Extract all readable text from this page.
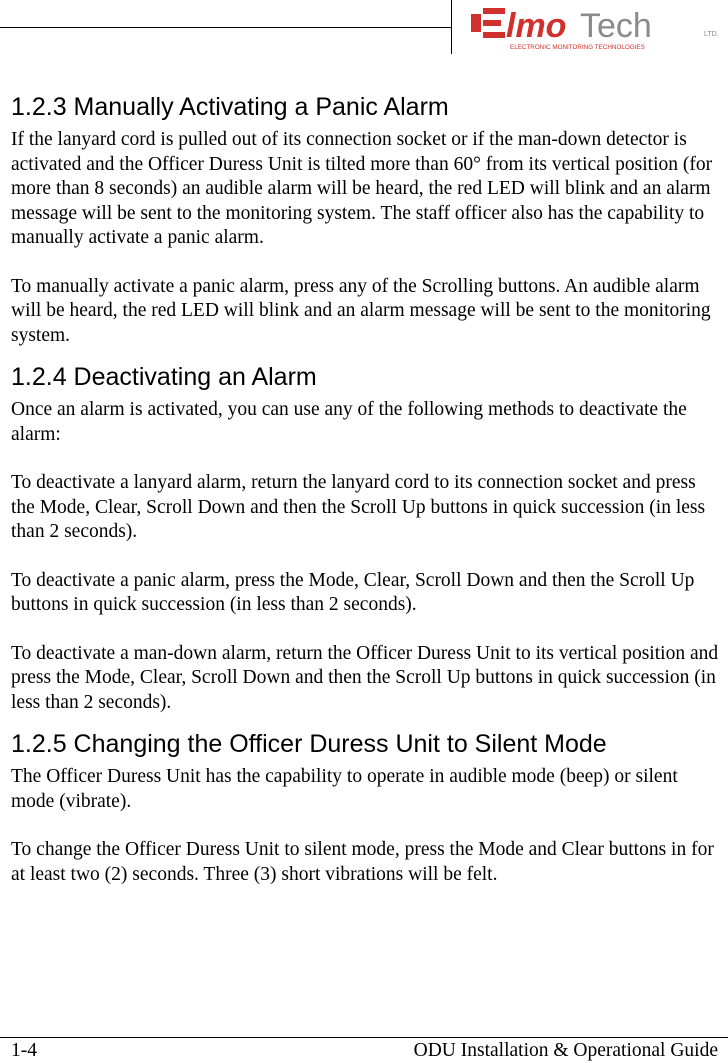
lmo Tech	LTD.
ELECTRONIC MONITORING TECHNOLOGIES
1.2.3 Manually Activating a Panic Alarm

If the lanyard cord is pulled out of its connection socket or if the man-down detector is activated and the Officer Duress Unit is tilted more than 60° from its vertical position (for more than 8 seconds) an audible alarm will be heard, the red LED will blink and an alarm message will be sent to the monitoring system. The staff officer also has the capability to manually activate a panic alarm.

To manually activate a panic alarm, press any of the Scrolling buttons. An audible alarm will be heard, the red LED will blink and an alarm message will be sent to the monitoring system.

1.2.4 Deactivating an Alarm

Once an alarm is activated, you can use any of the following methods to deactivate the alarm:

To deactivate a lanyard alarm, return the lanyard cord to its connection socket and press the Mode, Clear, Scroll Down and then the Scroll Up buttons in quick succession (in less than 2 seconds).

To deactivate a panic alarm, press the Mode, Clear, Scroll Down and then the Scroll Up buttons in quick succession (in less than 2 seconds).

To deactivate a man-down alarm, return the Officer Duress Unit to its vertical position and press the Mode, Clear, Scroll Down and then the Scroll Up buttons in quick succession (in less than 2 seconds).

1.2.5 Changing the Officer Duress Unit to Silent Mode

The Officer Duress Unit has the capability to operate in audible mode (beep) or silent mode (vibrate).

To change the Officer Duress Unit to silent mode, press the Mode and Clear buttons in for at least two (2) seconds. Three (3) short vibrations will be felt.

1-4	ODU Installation & Operational Guide
